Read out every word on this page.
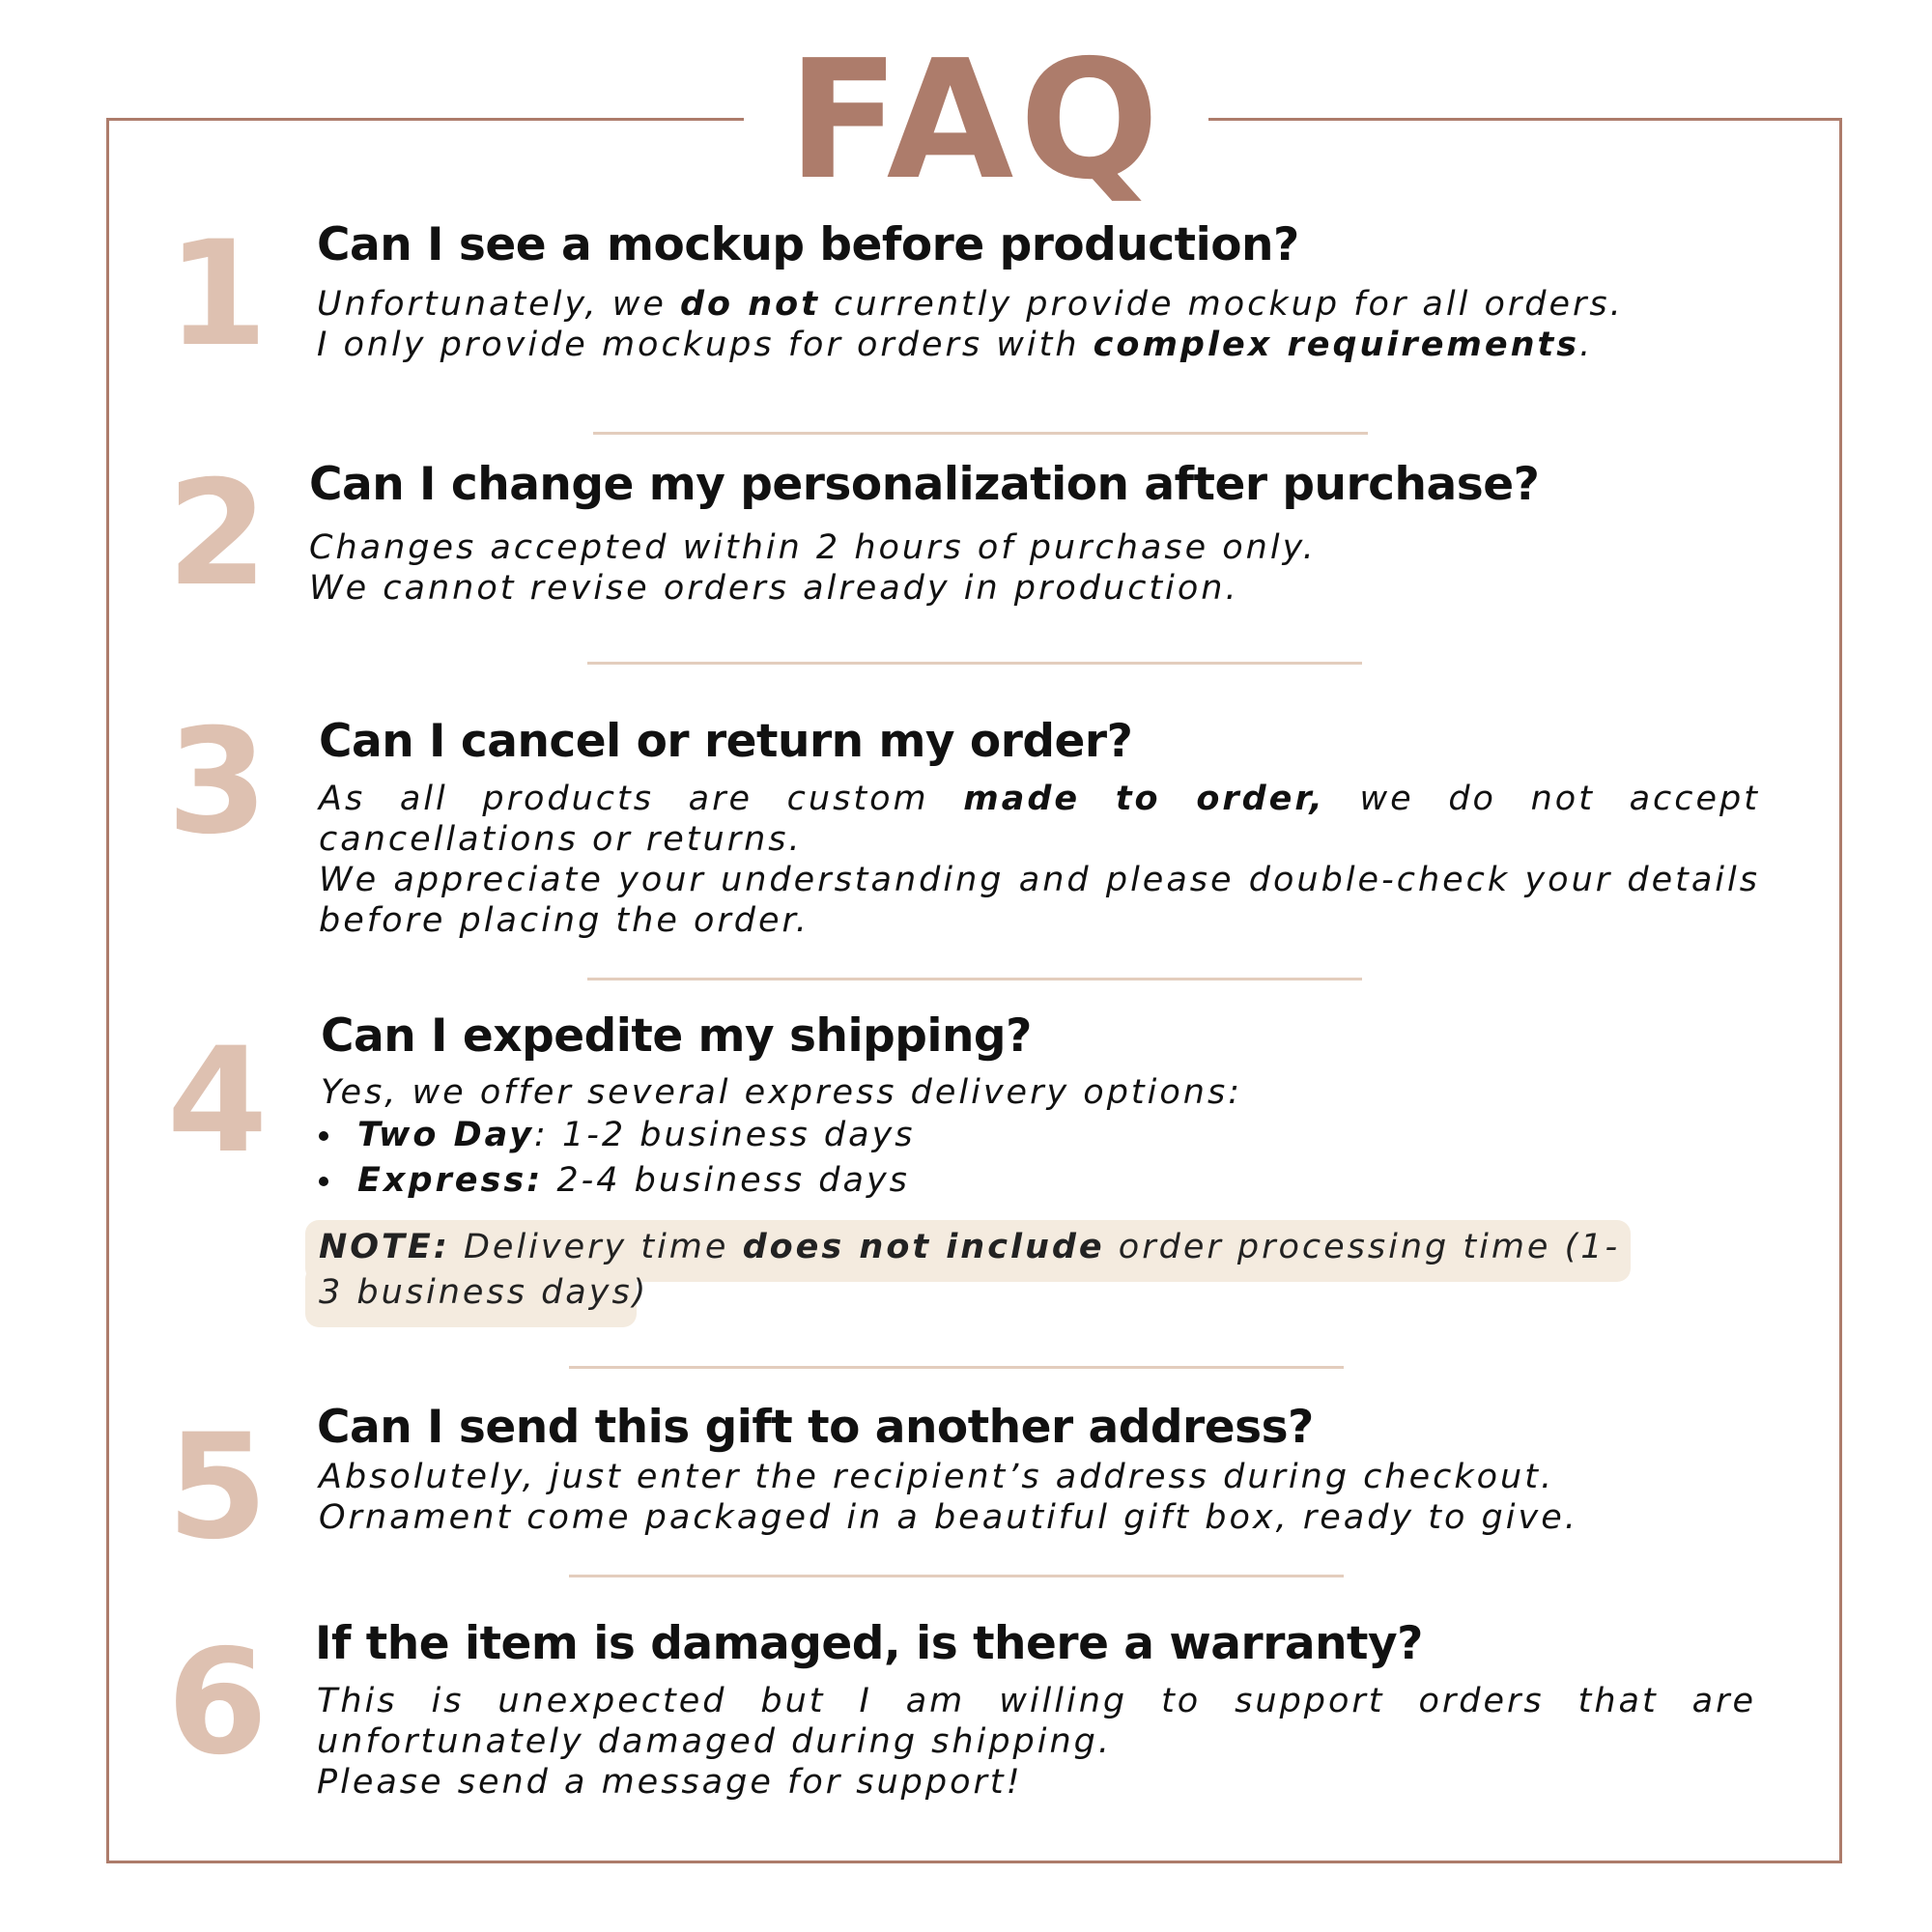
FAQ
1	Can I see a mockup before production?
Unfortunately, we do not currently provide mockup for all orders.
I only provide mockups for orders with complex requirements.
2 Can I change my personalization after purchase?
Changes accepted within 2 hours of purchase only.
We cannot revise orders already in production.
3	Can I cancel or return my order?
As all products are custom made to order, we do not accept cancellations or returns.
We appreciate your understanding and please double-check your details before placing the order.
4	Can I expedite my shipping?
Yes, we offer several express delivery options:
Two Day: 1-2 business days
Express: 2-4 business days
NOTE: Delivery time does not include order processing time (1-3 business days)
5	Can I send this gift to another address?
Absolutely, just enter the recipient’s address during checkout.
Ornament come packaged in a beautiful gift box, ready to give.
6	If the item is damaged, is there a warranty?
This is unexpected but I am willing to support orders that are unfortunately damaged during shipping.
Please send a message for support!
